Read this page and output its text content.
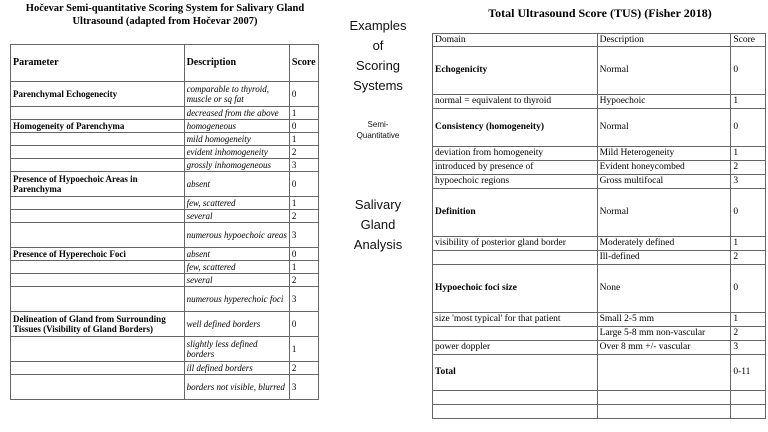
Hočevar Semi-quantitative Scoring System for Salivary Gland
Ultrasound (adapted from Hočevar 2007)
Parameter	Description	Score
Parenchymal Echogenecity	comparable to thyroid, muscle or sq fat	0
	decreased from the above	1
Homogeneity of Parenchyma	homogeneous	0
	mild homogeneity	1
	evident inhomogeneity	2
	grossly inhomogeneous	3
Presence of Hypoechoic Areas in Parenchyma	absent	0
	few, scattered	1
	several	2
	numerous hypoechoic areas	3
Presence of Hyperechoic Foci	absent	0
	few, scattered	1
	several	2
	numerous hyperechoic foci	3
Delineation of Gland from Surrounding Tissues (Visibility of Gland Borders)	well defined borders	0
	slightly less defined borders	1
	ill defined borders	2
	borders not visible, blurred	3
Examples
of
Scoring
Systems
Semi-
Quantitative
Salivary
Gland
Analysis
Total Ultrasound Score (TUS) (Fisher 2018)
Domain	Description	Score
Echogenicity	Normal	0
normal = equivalent to thyroid	Hypoechoic	1
Consistency (homogeneity)	Normal	0
deviation from homogeneity	Mild Heterogeneity	1
introduced by presence of	Evident honeycombed	2
hypoechoic regions	Gross multifocal	3
Definition	Normal	0
visibility of posterior gland border	Moderately defined	1
	Ill-defined	2
Hypoechoic foci size	None	0
size 'most typical' for that patient	Small 2-5 mm	1
	Large 5-8 mm non-vascular	2
power doppler	Over 8 mm +/- vascular	3
Total		0-11
